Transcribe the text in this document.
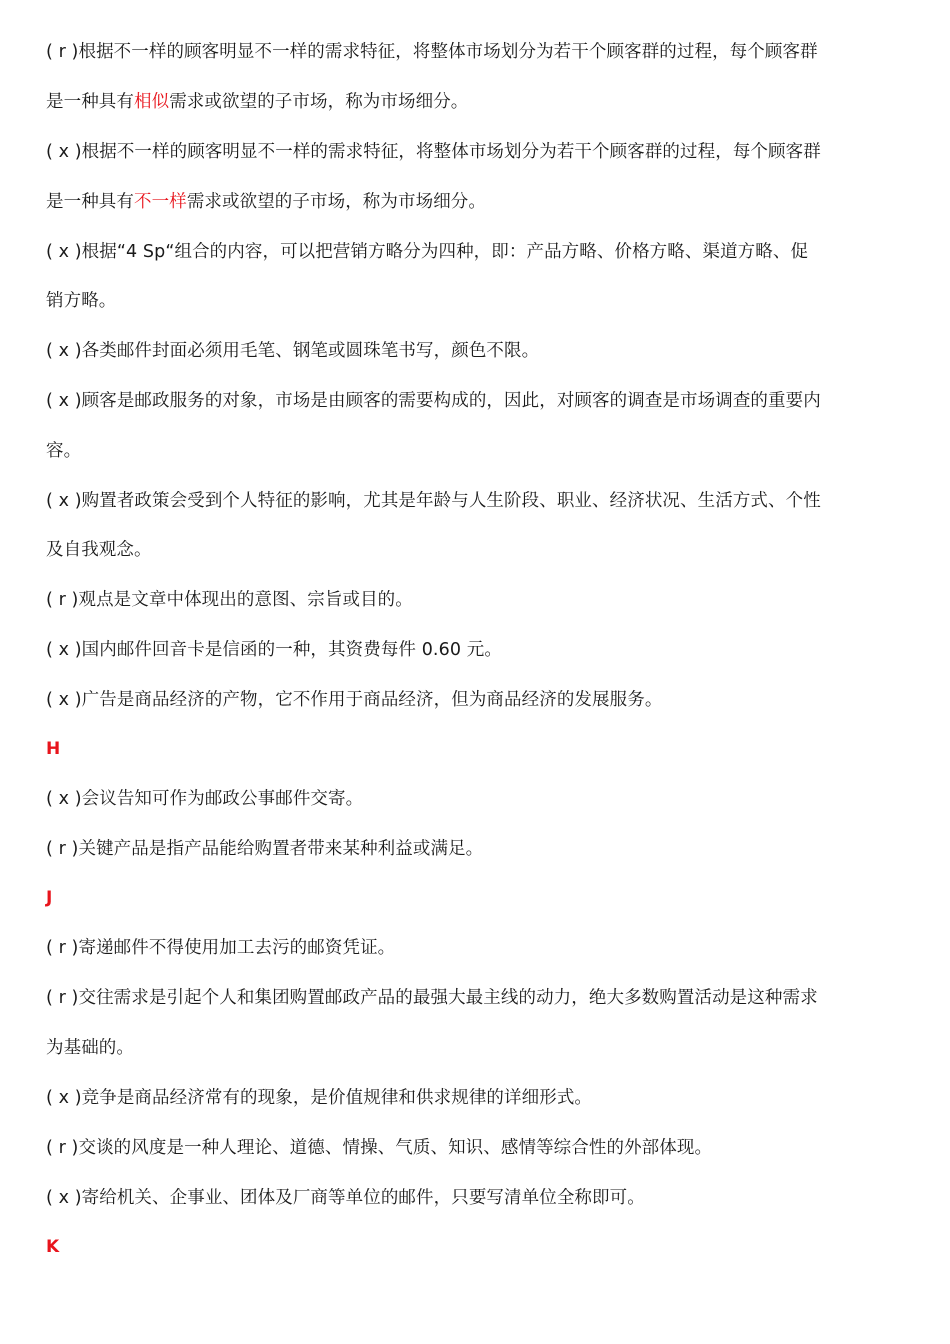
( r )根据不一样的顾客明显不一样的需求特征，将整体市场划分为若干个顾客群的过程，每个顾客群
是一种具有相似需求或欲望的子市场，称为市场细分。
( x )根据不一样的顾客明显不一样的需求特征，将整体市场划分为若干个顾客群的过程，每个顾客群
是一种具有不一样需求或欲望的子市场，称为市场细分。
( x )根据“4 Sp“组合的内容，可以把营销方略分为四种，即：产品方略、价格方略、渠道方略、促
销方略。
( x )各类邮件封面必须用毛笔、钢笔或圆珠笔书写，颜色不限。
( x )顾客是邮政服务的对象，市场是由顾客的需要构成的，因此，对顾客的调查是市场调查的重要内
容。
( x )购置者政策会受到个人特征的影响，尤其是年龄与人生阶段、职业、经济状况、生活方式、个性
及自我观念。
( r )观点是文章中体现出的意图、宗旨或目的。
( x )国内邮件回音卡是信函的一种，其资费每件 0.60 元。
( x )广告是商品经济的产物，它不作用于商品经济，但为商品经济的发展服务。
H
( x )会议告知可作为邮政公事邮件交寄。
( r )关键产品是指产品能给购置者带来某种利益或满足。
J
( r )寄递邮件不得使用加工去污的邮资凭证。
( r )交往需求是引起个人和集团购置邮政产品的最强大最主线的动力，绝大多数购置活动是这种需求
为基础的。
( x )竞争是商品经济常有的现象，是价值规律和供求规律的详细形式。
( r )交谈的风度是一种人理论、道德、情操、气质、知识、感情等综合性的外部体现。
( x )寄给机关、企事业、团体及厂商等单位的邮件，只要写清单位全称即可。
K
